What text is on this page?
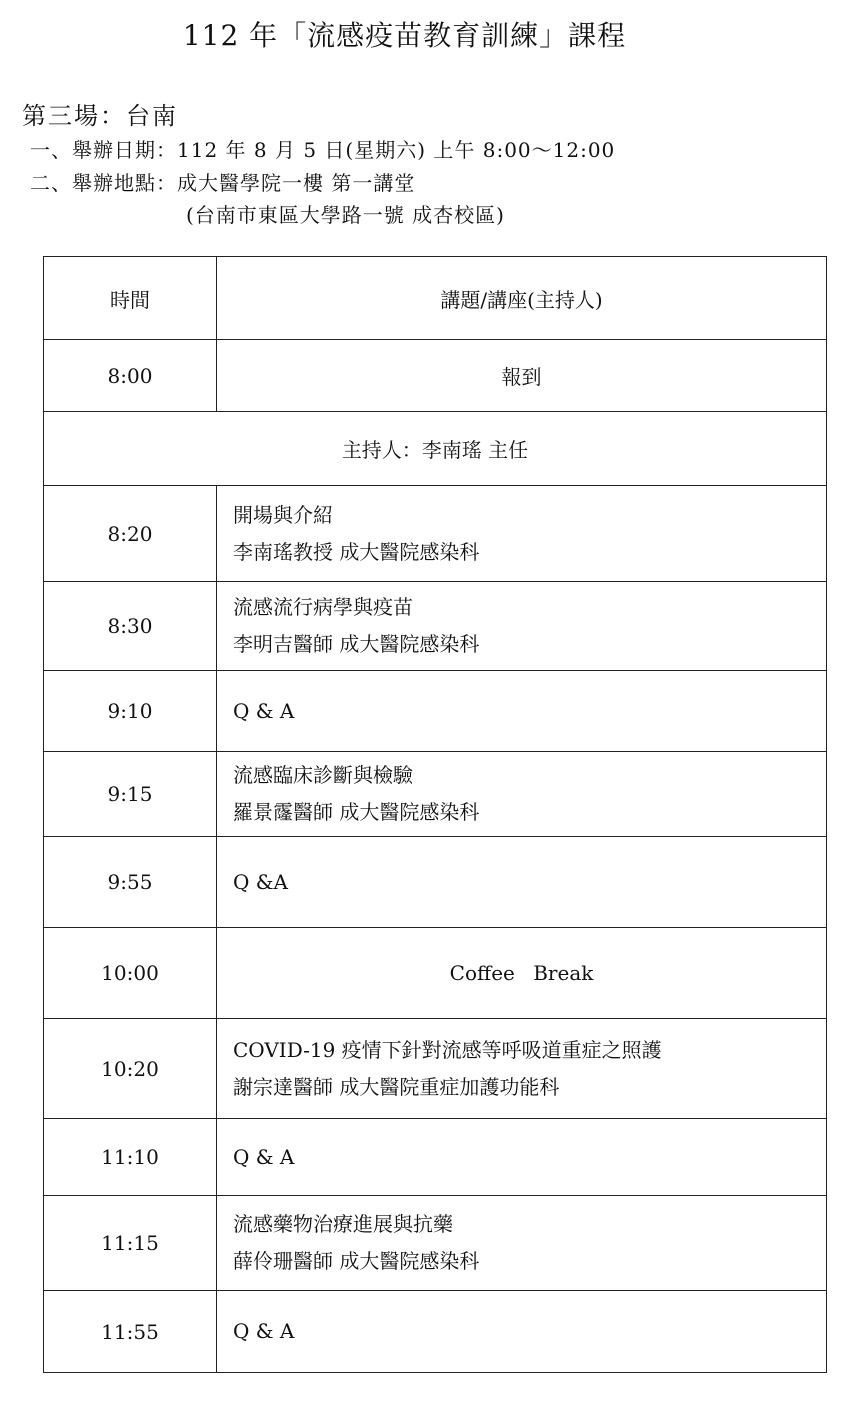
112 年「流感疫苗教育訓練」課程
第三場：台南
一、舉辦日期：112 年 8 月 5 日(星期六) 上午 8:00～12:00
二、舉辦地點：成大醫學院一樓 第一講堂
(台南市東區大學路一號 成杏校區)
時間	講題/講座(主持人)
8:00	報到
主持人：李南瑤 主任	
8:20	開場與介紹
李南瑤教授 成大醫院感染科

8:30	流感流行病學與疫苗
李明吉醫師 成大醫院感染科

9:10	Q & A

9:15	流感臨床診斷與檢驗
羅景霳醫師 成大醫院感染科

9:55	Q &A

10:00	Coffee Break

10:20	COVID-19 疫情下針對流感等呼吸道重症之照護
謝宗達醫師 成大醫院重症加護功能科

11:10	Q & A

11:15	流感藥物治療進展與抗藥
薛伶珊醫師 成大醫院感染科

11:55	Q & A
